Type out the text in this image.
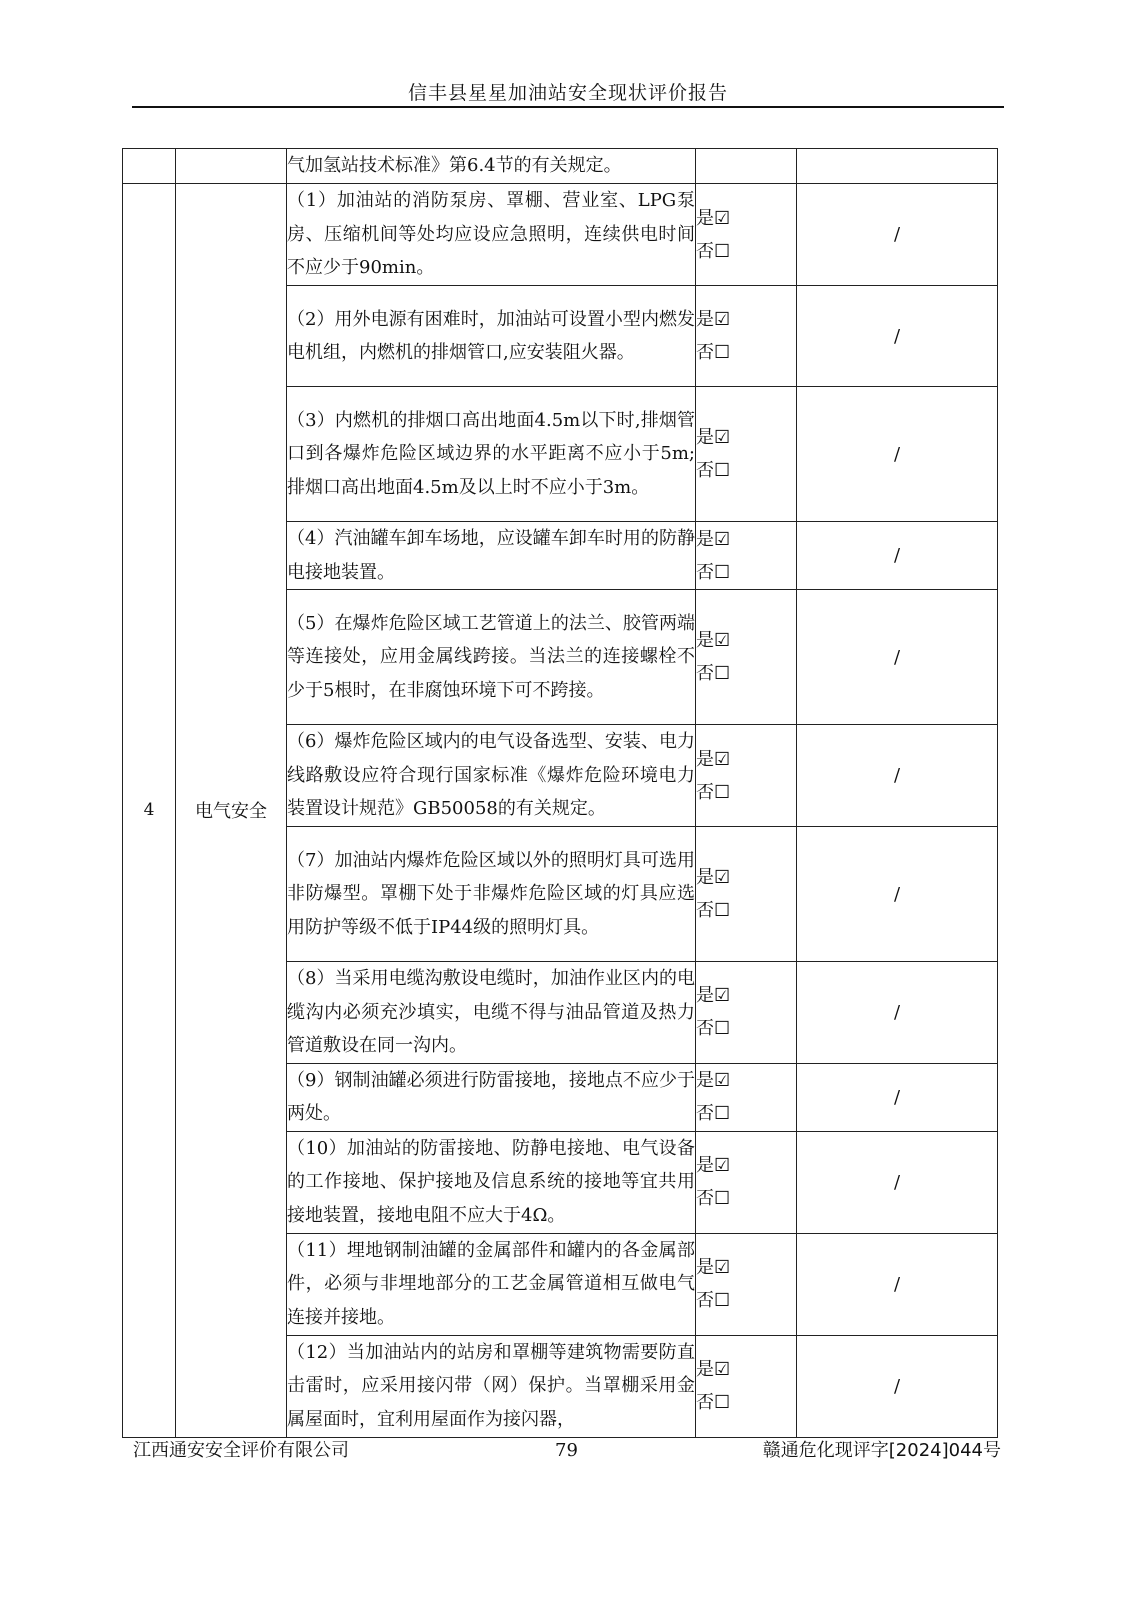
信丰县星星加油站安全现状评价报告
		气加氢站技术标准》第6.4节的有关规定。		
4	电气安全	（1）加油站的消防泵房、罩棚、营业室、LPG泵房、压缩机间等处均应设应急照明，连续供电时间不应少于90min。	是☑
否☐	/
		（2）用外电源有困难时，加油站可设置小型内燃发电机组，内燃机的排烟管口,应安装阻火器。	是☑
否☐	/
		（3）内燃机的排烟口高出地面4.5m以下时,排烟管口到各爆炸危险区域边界的水平距离不应小于5m;排烟口高出地面4.5m及以上时不应小于3m。	是☑
否☐	/
		（4）汽油罐车卸车场地，应设罐车卸车时用的防静电接地装置。	是☑
否☐	/
		（5）在爆炸危险区域工艺管道上的法兰、胶管两端等连接处，应用金属线跨接。当法兰的连接螺栓不少于5根时，在非腐蚀环境下可不跨接。	是☑
否☐	/
		（6）爆炸危险区域内的电气设备选型、安装、电力线路敷设应符合现行国家标准《爆炸危险环境电力装置设计规范》GB50058的有关规定。	是☑
否☐	/
		（7）加油站内爆炸危险区域以外的照明灯具可选用非防爆型。罩棚下处于非爆炸危险区域的灯具应选用防护等级不低于IP44级的照明灯具。	是☑
否☐	/
		（8）当采用电缆沟敷设电缆时，加油作业区内的电缆沟内必须充沙填实，电缆不得与油品管道及热力管道敷设在同一沟内。	是☑
否☐	/
		（9）钢制油罐必须进行防雷接地，接地点不应少于两处。	是☑
否☐	/
		（10）加油站的防雷接地、防静电接地、电气设备的工作接地、保护接地及信息系统的接地等宜共用接地装置，接地电阻不应大于4Ω。	是☑
否☐	/
		（11）埋地钢制油罐的金属部件和罐内的各金属部件，必须与非埋地部分的工艺金属管道相互做电气连接并接地。	是☑
否☐	/
		（12）当加油站内的站房和罩棚等建筑物需要防直击雷时，应采用接闪带（网）保护。当罩棚采用金属屋面时，宜利用屋面作为接闪器，	是☑
否☐	/
江西通安安全评价有限公司	79	赣通危化现评字[2024]044号
